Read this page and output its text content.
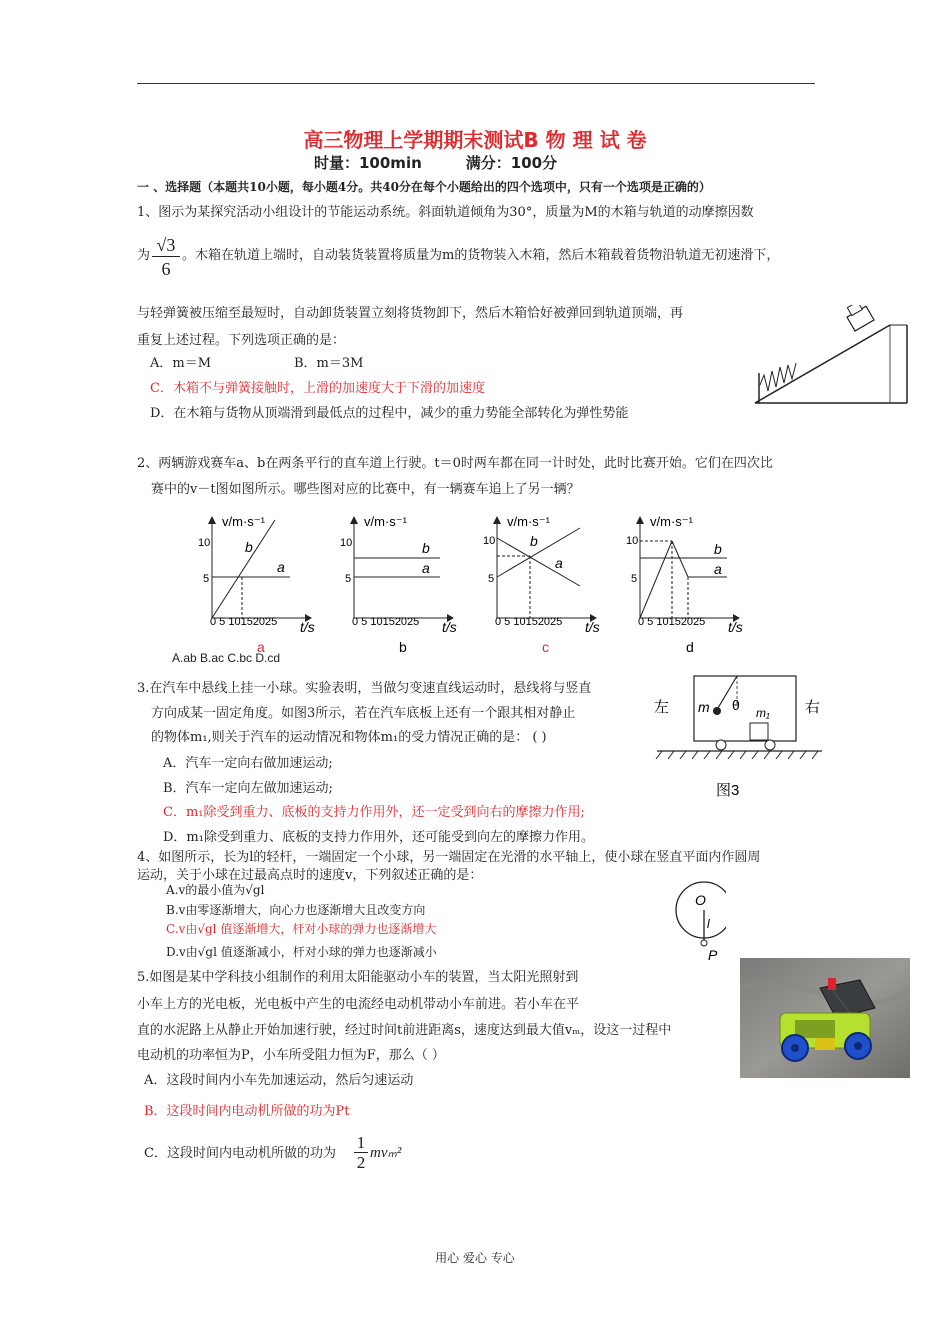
高三物理上学期期末测试B 物 理 试 卷
时量：100min	满分：100分
一 、选择题（本题共10小题，每小题4分。共40分在每个小题给出的四个选项中，只有一个选项是正确的）
1、图示为某探究活动小组设计的节能运动系统。斜面轨道倾角为30°，质量为M的木箱与轨道的动摩擦因数
为 $\frac{√3}{6}$ 。木箱在轨道上端时，自动装货装置将质量为m的货物装入木箱，然后木箱载着货物沿轨道无初速滑下，
与轻弹簧被压缩至最短时，自动卸货装置立刻将货物卸下，然后木箱恰好被弹回到轨道顶端，再
重复上述过程。下列选项正确的是：
A．m＝M	B．m＝3M
C．木箱不与弹簧接触时，上滑的加速度大于下滑的加速度
D．在木箱与货物从顶端滑到最低点的过程中，减少的重力势能全部转化为弹性势能
2、两辆游戏赛车a、b在两条平行的直车道上行驶。t＝0时两车都在同一计时处，此时比赛开始。它们在四次比
赛中的v－t图如图所示。哪些图对应的比赛中，有一辆赛车追上了另一辆？
v/m·s⁻¹
10
5
0 5 10152025 t/s
b
a
a
v/m·s⁻¹
10
5
0 5 10152025 t/s
b
a
b
v/m·s⁻¹
10
5
0 5 10152025 t/s
b
a
c
v/m·s⁻¹
10
5
0 5 10152025 t/s
b
a
d
A.ab B.ac C.bc D.cd
3.在汽车中悬线上挂一小球。实验表明，当做匀变速直线运动时，悬线将与竖直
方向成某一固定角度。如图3所示，若在汽车底板上还有一个跟其相对静止
的物体m₁,则关于汽车的运动情况和物体m₁的受力情况正确的是： ( )
A．汽车一定向右做加速运动;
B．汽车一定向左做加速运动;
C．m₁除受到重力、底板的支持力作用外，还一定受到向右的摩擦力作用;
D．m₁除受到重力、底板的支持力作用外，还可能受到向左的摩擦力作用。
左	右
m θ m₁
图3
4、如图所示，长为l的轻杆，一端固定一个小球，另一端固定在光滑的水平轴上，使小球在竖直平面内作圆周
运动，关于小球在过最高点时的速度v，下列叙述正确的是：
A.v的最小值为√gl
B.v由零逐渐增大，向心力也逐渐增大且改变方向
C.v由√gl 值逐渐增大，杆对小球的弹力也逐渐增大
D.v由√gl 值逐渐减小，杆对小球的弹力也逐渐减小
O
l
P
5.如图是某中学科技小组制作的利用太阳能驱动小车的装置，当太阳光照射到
小车上方的光电板，光电板中产生的电流经电动机带动小车前进。若小车在平
直的水泥路上从静止开始加速行驶，经过时间t前进距离s，速度达到最大值vₘ，设这一过程中
电动机的功率恒为P，小车所受阻力恒为F，那么（ ）
A．这段时间内小车先加速运动，然后匀速运动
B．这段时间内电动机所做的功为Pt
C．这段时间内电动机所做的功为 $\frac{1}{2} mv_m^2$
用心 爱心 专心
